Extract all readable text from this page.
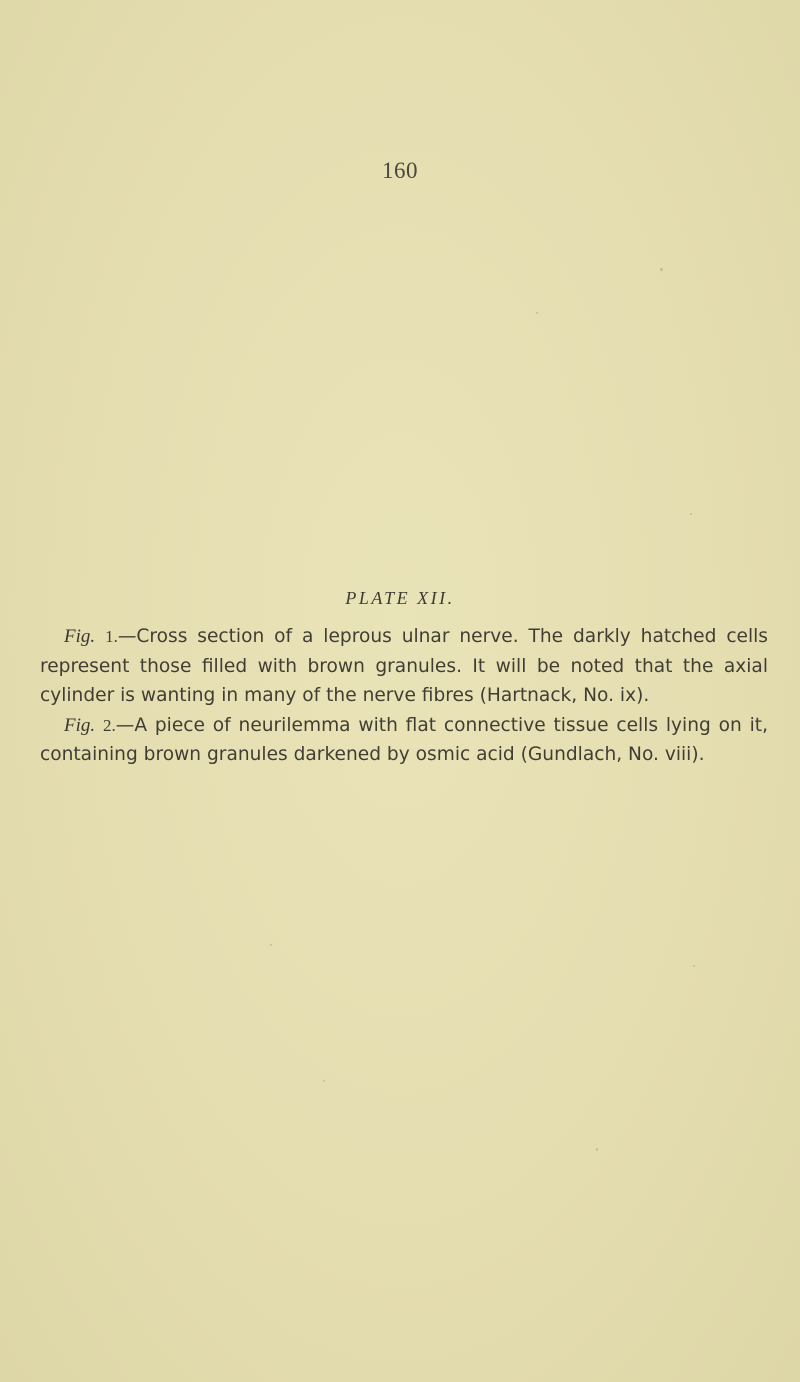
160
PLATE XII.

Fig. 1.—Cross section of a leprous ulnar nerve. The darkly hatched cells represent those filled with brown granules. It will be noted that the axial cylinder is wanting in many of the nerve fibres (Hartnack, No. ix).

Fig. 2.—A piece of neurilemma with flat connective tissue cells lying on it, containing brown granules darkened by osmic acid (Gundlach, No. viii).
